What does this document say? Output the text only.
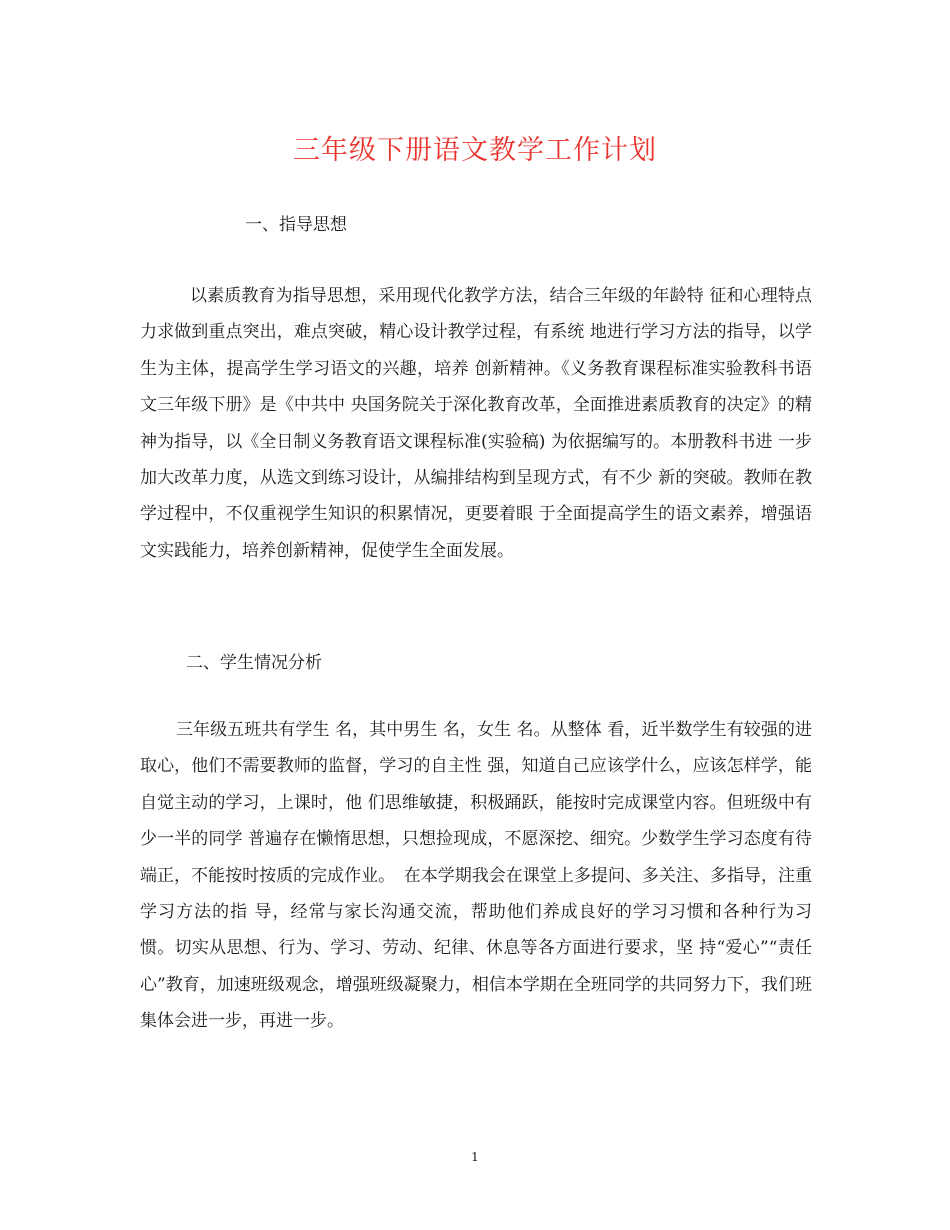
三年级下册语文教学工作计划
一、指导思想
以素质教育为指导思想，采用现代化教学方法，结合三年级的年龄特 征和心理特点力求做到重点突出，难点突破，精心设计教学过程，有系统 地进行学习方法的指导，以学生为主体，提高学生学习语文的兴趣，培养 创新精神。《义务教育课程标准实验教科书语文三年级下册》是《中共中 央国务院关于深化教育改革，全面推进素质教育的决定》的精神为指导，以《全日制义务教育语文课程标准(实验稿) 为依据编写的。本册教科书进 一步加大改革力度，从选文到练习设计，从编排结构到呈现方式，有不少 新的突破。教师在教学过程中，不仅重视学生知识的积累情况，更要着眼 于全面提高学生的语文素养，增强语文实践能力，培养创新精神，促使学生全面发展。
二、学生情况分析
三年级五班共有学生 名，其中男生 名，女生 名。从整体 看，近半数学生有较强的进取心，他们不需要教师的监督，学习的自主性 强，知道自己应该学什么，应该怎样学，能自觉主动的学习，上课时，他 们思维敏捷，积极踊跃，能按时完成课堂内容。但班级中有少一半的同学 普遍存在懒惰思想，只想捡现成，不愿深挖、细究。少数学生学习态度有待端正，不能按时按质的完成作业。　在本学期我会在课堂上多提问、多关注、多指导，注重学习方法的指 导，经常与家长沟通交流，帮助他们养成良好的学习习惯和各种行为习 惯。切实从思想、行为、学习、劳动、纪律、休息等各方面进行要求，坚 持“爱心”“责任心”教育，加速班级观念，增强班级凝聚力，相信本学期在全班同学的共同努力下，我们班集体会进一步，再进一步。
1
